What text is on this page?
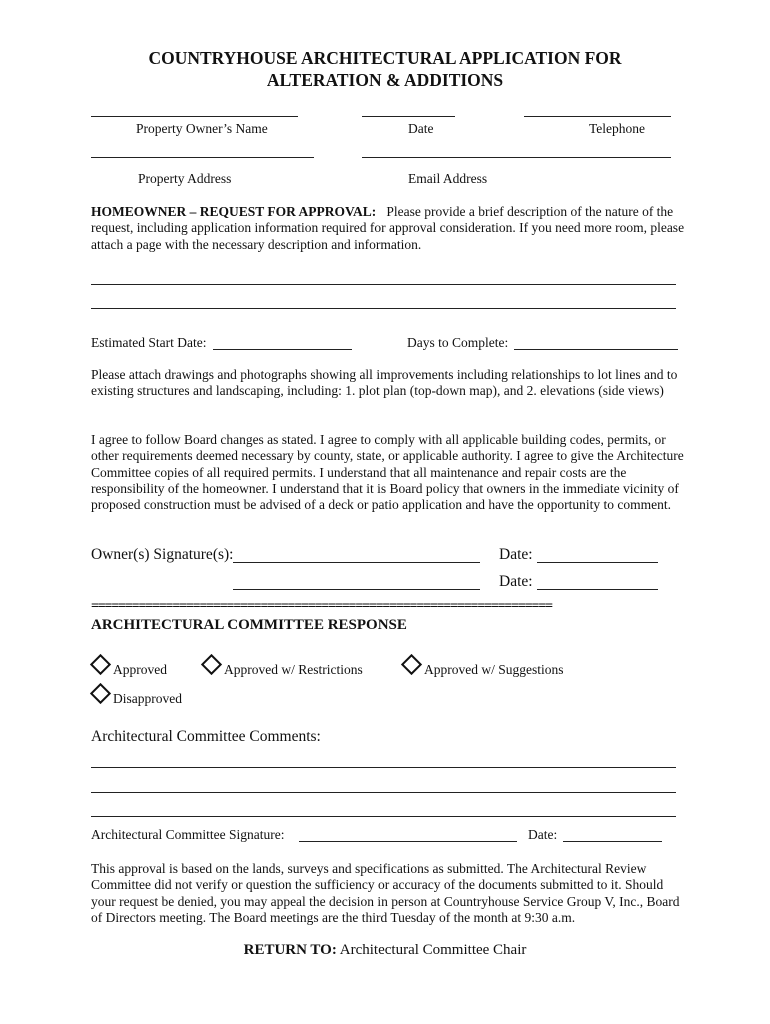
COUNTRYHOUSE ARCHITECTURAL APPLICATION FOR
ALTERATION & ADDITIONS
Property Owner’s Name	Date	Telephone
Property Address	Email Address
HOMEOWNER – REQUEST FOR APPROVAL: Please provide a brief description of the nature of the request, including application information required for approval consideration. If you need more room, please attach a page with the necessary description and information.
Estimated Start Date:	Days to Complete:
Please attach drawings and photographs showing all improvements including relationships to lot lines and to existing structures and landscaping, including: 1. plot plan (top-down map), and 2. elevations (side views)
I agree to follow Board changes as stated. I agree to comply with all applicable building codes, permits, or other requirements deemed necessary by county, state, or applicable authority. I agree to give the Architecture Committee copies of all required permits. I understand that all maintenance and repair costs are the responsibility of the homeowner. I understand that it is Board policy that owners in the immediate vicinity of proposed construction must be advised of a deck or patio application and have the opportunity to comment.
Owner(s) Signature(s):	Date:
Date:
====================================================================
ARCHITECTURAL COMMITTEE RESPONSE
Approved	Approved w/ Restrictions	Approved w/ Suggestions
Disapproved
Architectural Committee Comments:
Architectural Committee Signature:	Date:
This approval is based on the lands, surveys and specifications as submitted. The Architectural Review Committee did not verify or question the sufficiency or accuracy of the documents submitted to it. Should your request be denied, you may appeal the decision in person at Countryhouse Service Group V, Inc., Board of Directors meeting. The Board meetings are the third Tuesday of the month at 9:30 a.m.
RETURN TO: Architectural Committee Chair
